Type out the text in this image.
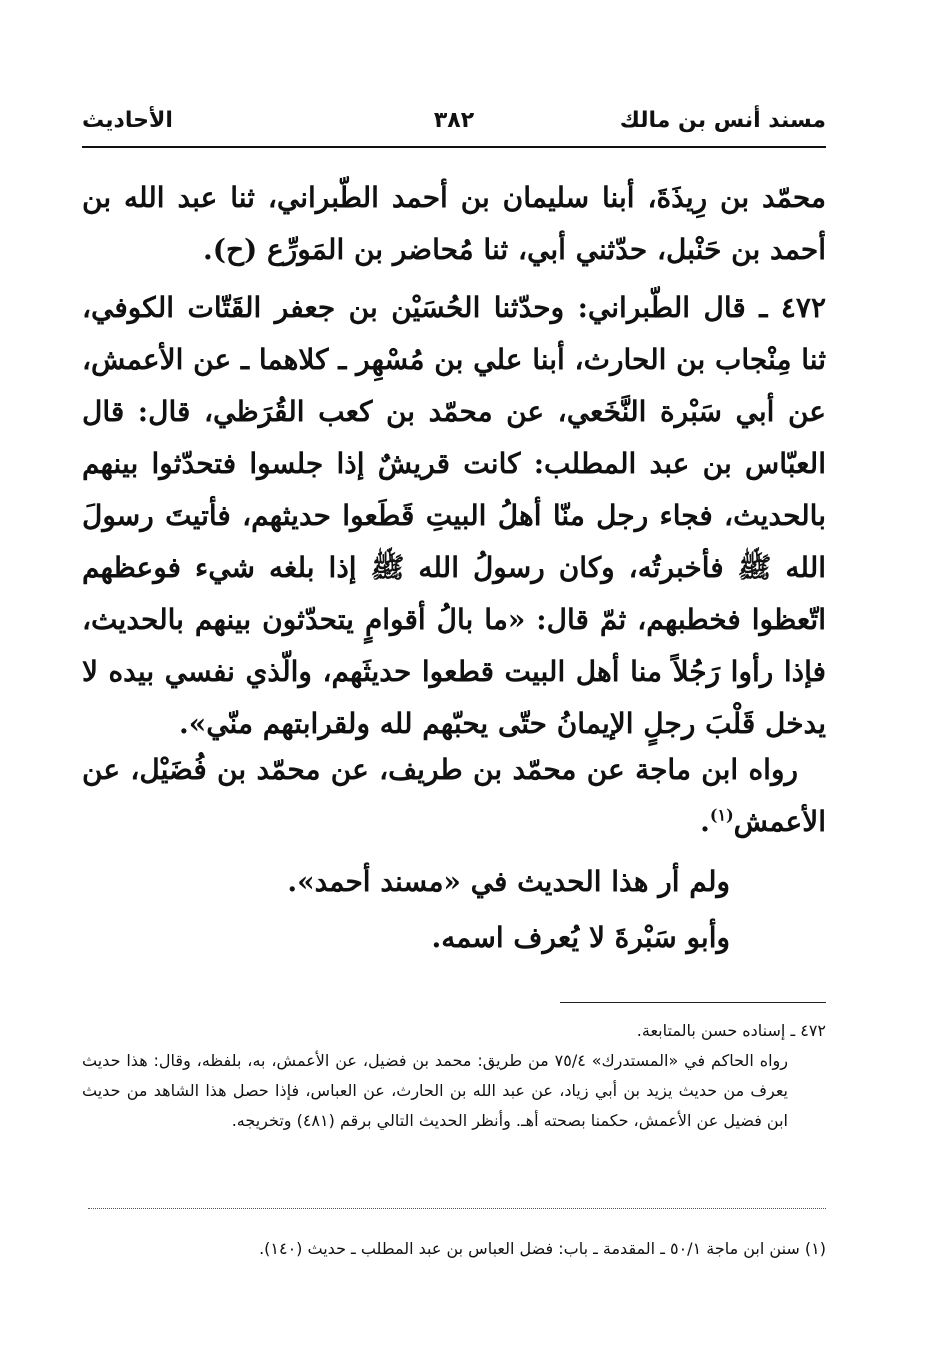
مسند أنس بن مالك
٣٨٢
الأحاديث
محمّد بن رِيذَةَ، أبنا سليمان بن أحمد الطّبراني، ثنا عبد الله بن أحمد بن حَنْبل، حدّثني أبي، ثنا مُحاضر بن المَورِّع (ح).
٤٧٢ ـ قال الطّبراني: وحدّثنا الحُسَيْن بن جعفر القَتّات الكوفي، ثنا مِنْجاب بن الحارث، أبنا علي بن مُسْهِر ـ كلاهما ـ عن الأعمش، عن أبي سَبْرة النَّخَعي، عن محمّد بن كعب القُرَظي، قال: قال العبّاس بن عبد المطلب: كانت قريشٌ إذا جلسوا فتحدّثوا بينهم بالحديث، فجاء رجل منّا أهلُ البيتِ قَطَعوا حديثهم، فأتيتَ رسولَ الله ﷺ فأخبرتُه، وكان رسولُ الله ﷺ إذا بلغه شيء فوعظهم اتّعظوا فخطبهم، ثمّ قال: «ما بالُ أقوامٍ يتحدّثون بينهم بالحديث، فإذا رأوا رَجُلاً منا أهل البيت قطعوا حديثَهم، والّذي نفسي بيده لا يدخل قَلْبَ رجلٍ الإيمانُ حتّى يحبّهم لله ولقرابتهم منّي».
رواه ابن ماجة عن محمّد بن طريف، عن محمّد بن فُضَيْل، عن الأعمش$^{(١)}$.
ولم أر هذا الحديث في «مسند أحمد».
وأبو سَبْرةَ لا يُعرف اسمه.
٤٧٢ ـ إسناده حسن بالمتابعة.
رواه الحاكم في «المستدرك» ٧٥/٤ من طريق: محمد بن فضيل، عن الأعمش، به، بلفظه، وقال: هذا حديث يعرف من حديث يزيد بن أبي زياد، عن عبد الله بن الحارث، عن العباس، فإذا حصل هذا الشاهد من حديث ابن فضيل عن الأعمش، حكمنا بصحته أهـ. وأنظر الحديث التالي برقم (٤٨١) وتخريجه.
(١) سنن ابن ماجة ٥٠/١ ـ المقدمة ـ باب: فضل العباس بن عبد المطلب ـ حديث (١٤٠).
